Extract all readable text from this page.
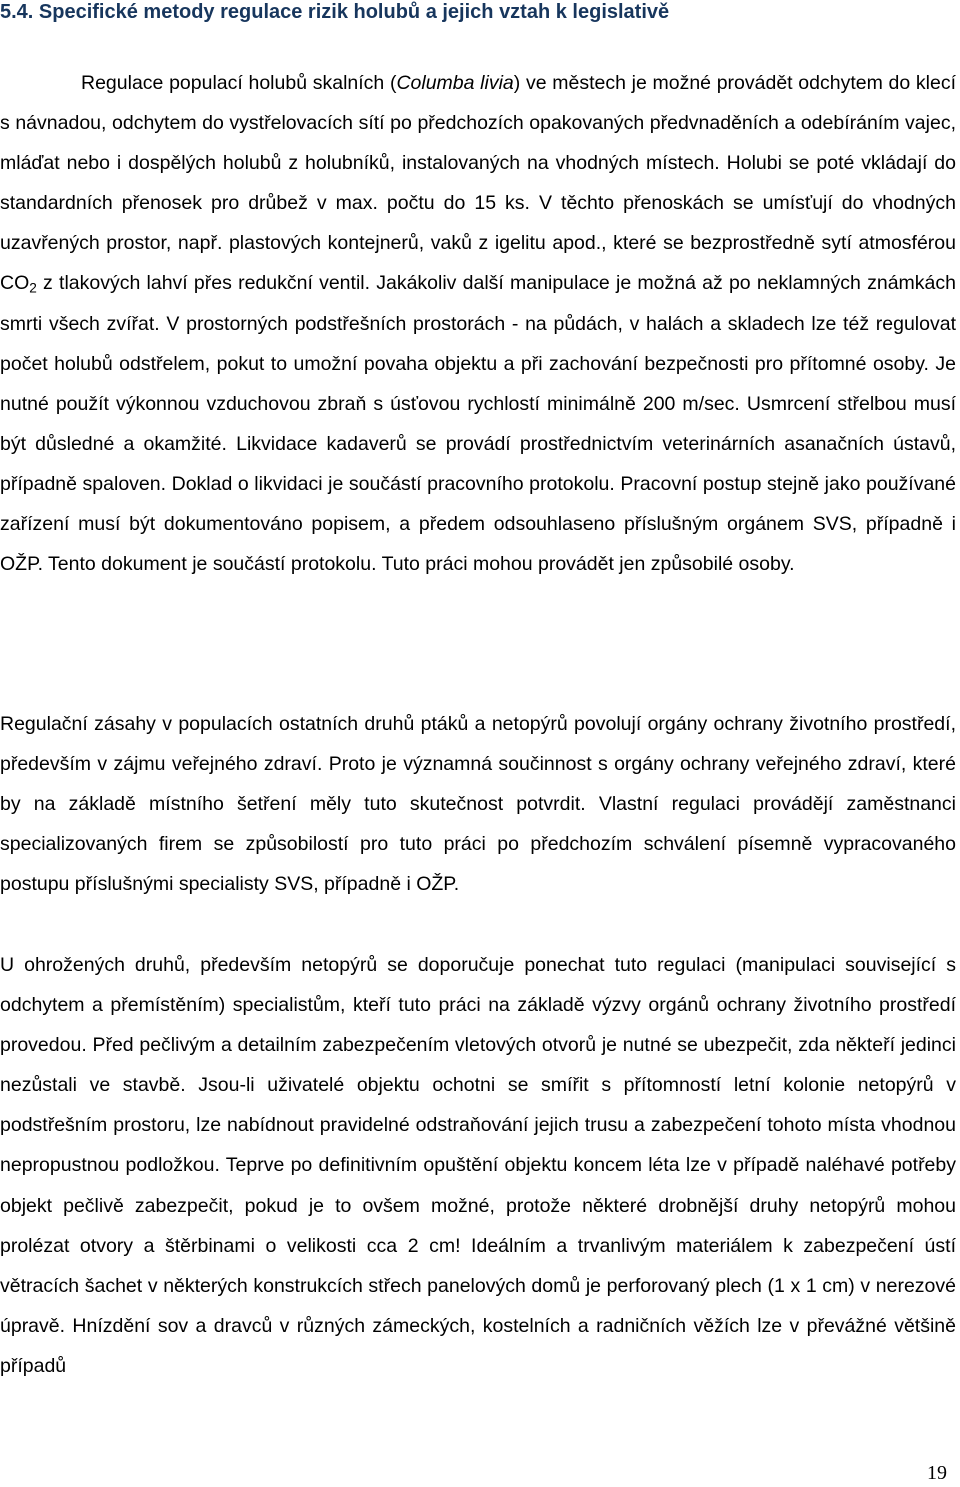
5.4. Specifické metody regulace rizik holubů a jejich vztah k legislativě

Regulace populací holubů skalních (Columba livia) ve městech je možné provádět odchytem do klecí s návnadou, odchytem do vystřelovacích sítí po předchozích opakovaných předvnaděních a odebíráním vajec, mláďat nebo i dospělých holubů z holubníků, instalovaných na vhodných místech. Holubi se poté vkládají do standardních přenosek pro drůbež v max. počtu do 15 ks. V těchto přenoskách se umísťují do vhodných uzavřených prostor, např. plastových kontejnerů, vaků z igelitu apod., které se bezprostředně sytí atmosférou $CO_2$ z tlakových lahví přes redukční ventil. Jakákoliv další manipulace je možná až po neklamných známkách smrti všech zvířat. V prostorných podstřešních prostorách - na půdách, v halách a skladech lze též regulovat počet holubů odstřelem, pokut to umožní povaha objektu a při zachování bezpečnosti pro přítomné osoby. Je nutné použít výkonnou vzduchovou zbraň s úsťovou rychlostí minimálně 200 m/sec. Usmrcení střelbou musí být důsledné a okamžité. Likvidace kadaverů se provádí prostřednictvím veterinárních asanačních ústavů, případně spaloven. Doklad o likvidaci je součástí pracovního protokolu. Pracovní postup stejně jako používané zařízení musí být dokumentováno popisem, a předem odsouhlaseno příslušným orgánem SVS, případně i OŽP. Tento dokument je součástí protokolu. Tuto práci mohou provádět jen způsobilé osoby.

Regulační zásahy v populacích ostatních druhů ptáků a netopýrů povolují orgány ochrany životního prostředí, především v zájmu veřejného zdraví. Proto je významná součinnost s orgány ochrany veřejného zdraví, které by na základě místního šetření měly tuto skutečnost potvrdit. Vlastní regulaci provádějí zaměstnanci specializovaných firem se způsobilostí pro tuto práci po předchozím schválení písemně vypracovaného postupu příslušnými specialisty SVS, případně i OŽP.

U ohrožených druhů, především netopýrů se doporučuje ponechat tuto regulaci (manipulaci související s odchytem a přemístěním) specialistům, kteří tuto práci na základě výzvy orgánů ochrany životního prostředí provedou. Před pečlivým a detailním zabezpečením vletových otvorů je nutné se ubezpečit, zda někteří jedinci nezůstali ve stavbě. Jsou-li uživatelé objektu ochotni se smířit s přítomností letní kolonie netopýrů v podstřešním prostoru, lze nabídnout pravidelné odstraňování jejich trusu a zabezpečení tohoto místa vhodnou nepropustnou podložkou. Teprve po definitivním opuštění objektu koncem léta lze v případě naléhavé potřeby objekt pečlivě zabezpečit, pokud je to ovšem možné, protože některé drobnější druhy netopýrů mohou prolézat otvory a štěrbinami o velikosti cca 2 cm! Ideálním a trvanlivým materiálem k zabezpečení ústí větracích šachet v některých konstrukcích střech panelových domů je perforovaný plech (1 x 1 cm) v nerezové úpravě. Hnízdění sov a dravců v různých zámeckých, kostelních a radničních věžích lze v převážné většině případů

19
